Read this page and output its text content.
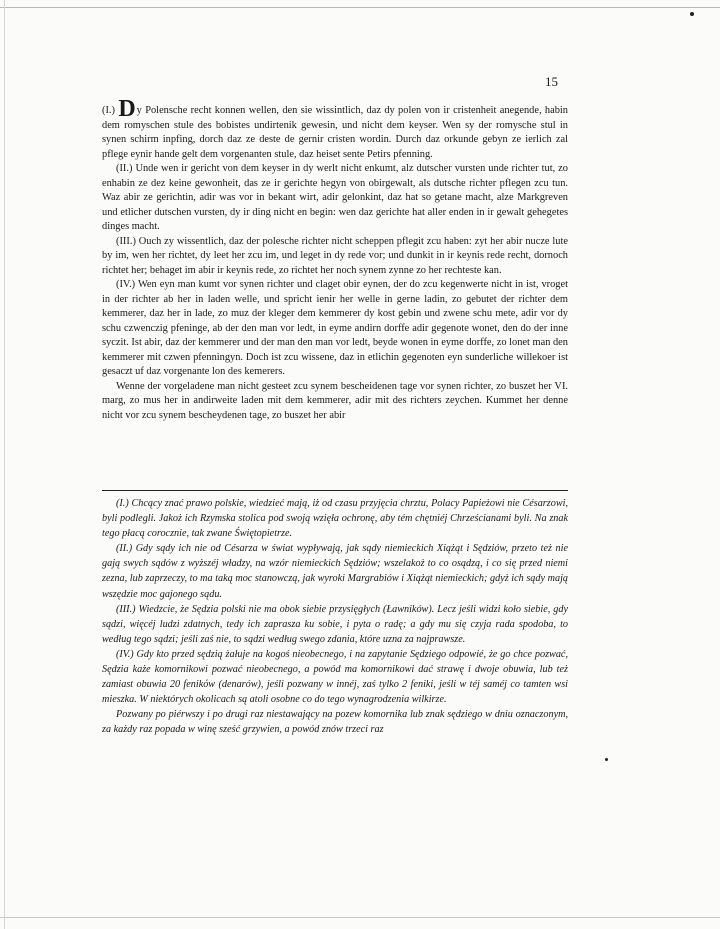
15

(I.) Dy Polensche recht konnen wellen, den sie wissintlich, daz dy polen von ir cristenheit anegende, habin dem romyschen stule des bobistes undirtenik gewesin, und nicht dem keyser. Wen sy der romysche stul in synen schirm inpfing, dorch daz ze deste de gernir cristen wordin. Durch daz orkunde gebyn ze ierlich zal pflege eynir hande gelt dem vorgenanten stule, daz heiset sente Petirs pfenning.

(II.) Unde wen ir gericht von dem keyser in dy werlt nicht enkumt, alz dutscher vursten unde richter tut, zo enhabin ze dez keine gewonheit, das ze ir gerichte hegyn von obirgewalt, als dutsche richter pflegen zcu tun. Waz abir ze gerichtin, adir was vor in bekant wirt, adir gelonkint, daz hat so getane macht, alze Markgreven und etlicher dutschen vursten, dy ir ding nicht en begin: wen daz gerichte hat aller enden in ir gewalt gehegetes dinges macht.

(III.) Ouch zy wissentlich, daz der polesche richter nicht scheppen pflegit zcu haben: zyt her abir nucze lute by im, wen her richtet, dy leet her zcu im, und leget in dy rede vor; und dunkit in ir keynis rede recht, dornoch richtet her; behaget im abir ir keynis rede, zo richtet her noch synem zynne zo her rechteste kan.

(IV.) Wen eyn man kumt vor synen richter und claget obir eynen, der do zcu kegenwerte nicht in ist, vroget in der richter ab her in laden welle, und spricht ienir her welle in gerne ladin, zo gebutet der richter dem kemmerer, daz her in lade, zo muz der kleger dem kemmerer dy kost gebin und zwene schu mete, adir vor dy schu czwenczig pfeninge, ab der den man vor ledt, in eyme andirn dorffe adir gegenote wonet, den do der inne syczit. Ist abir, daz der kemmerer und der man den man vor ledt, beyde wonen in eyme dorffe, zo lonet man den kemmerer mit czwen pfenningyn. Doch ist zcu wissene, daz in etlichin gegenoten eyn sunderliche willekoer ist gesaczt uf daz vorgenante lon des kemerers.

Wenne der vorgeladene man nicht gesteet zcu synem bescheidenen tage vor synen richter, zo buszet her VI. marg, zo mus her in andirweite laden mit dem kemmerer, adir mit des richters zeychen. Kummet her denne nicht vor zcu synem bescheydenen tage, zo buszet her abir

(I.) Chcący znać prawo polskie, wiedzieć mają, iż od czasu przyjęcia chrztu, Polacy Papieżowi nie Césarzowi, byli podlegli. Jakoż ich Rzymska stolica pod swoją wzięła ochronę, aby tém chętniéj Chrześcianami byli. Na znak tego płacą corocznie, tak zwane Świętopietrze.

(II.) Gdy sądy ich nie od Césarza w świat wypływają, jak sądy niemieckich Xiążąt i Sędziów, przeto też nie gają swych sądów z wyższéj władzy, na wzór niemieckich Sędziów; wszelakoż to co osądzą, i co się przed niemi zezna, lub zaprzeczy, to ma taką moc stanowczą, jak wyroki Margrabiów i Xiążąt niemieckich; gdyż ich sądy mają wszędzie moc gajonego sądu.

(III.) Wiedzcie, że Sędzia polski nie ma obok siebie przysięgłych (Ławników). Lecz jeśli widzi koło siebie, gdy sądzi, więcéj ludzi zdatnych, tedy ich zaprasza ku sobie, i pyta o radę; a gdy mu się czyja rada spodoba, to według tego sądzi; jeśli zaś nie, to sądzi według swego zdania, które uzna za najprawsze.

(IV.) Gdy kto przed sędzią żałuje na kogoś nieobecnego, i na zapytanie Sędziego odpowié, że go chce pozwać, Sędzia każe komornikowi pozwać nieobecnego, a powód ma komornikowi dać strawę i dwoje obuwia, lub też zamiast obuwia 20 fenikόw (denarów), jeśli pozwany w innéj, zaś tylko 2 feniki, jeśli w téj saméj co tamten wsi mieszka. W niektórych okolicach są atoli osobne co do tego wynagrodzenia wilkirze.

Pozwany po piérwszy i po drugi raz niestawający na pozew komornika lub znak sędziego w dniu oznaczonym, za każdy raz popada w winę sześć grzywien, a powód znów trzeci raz
